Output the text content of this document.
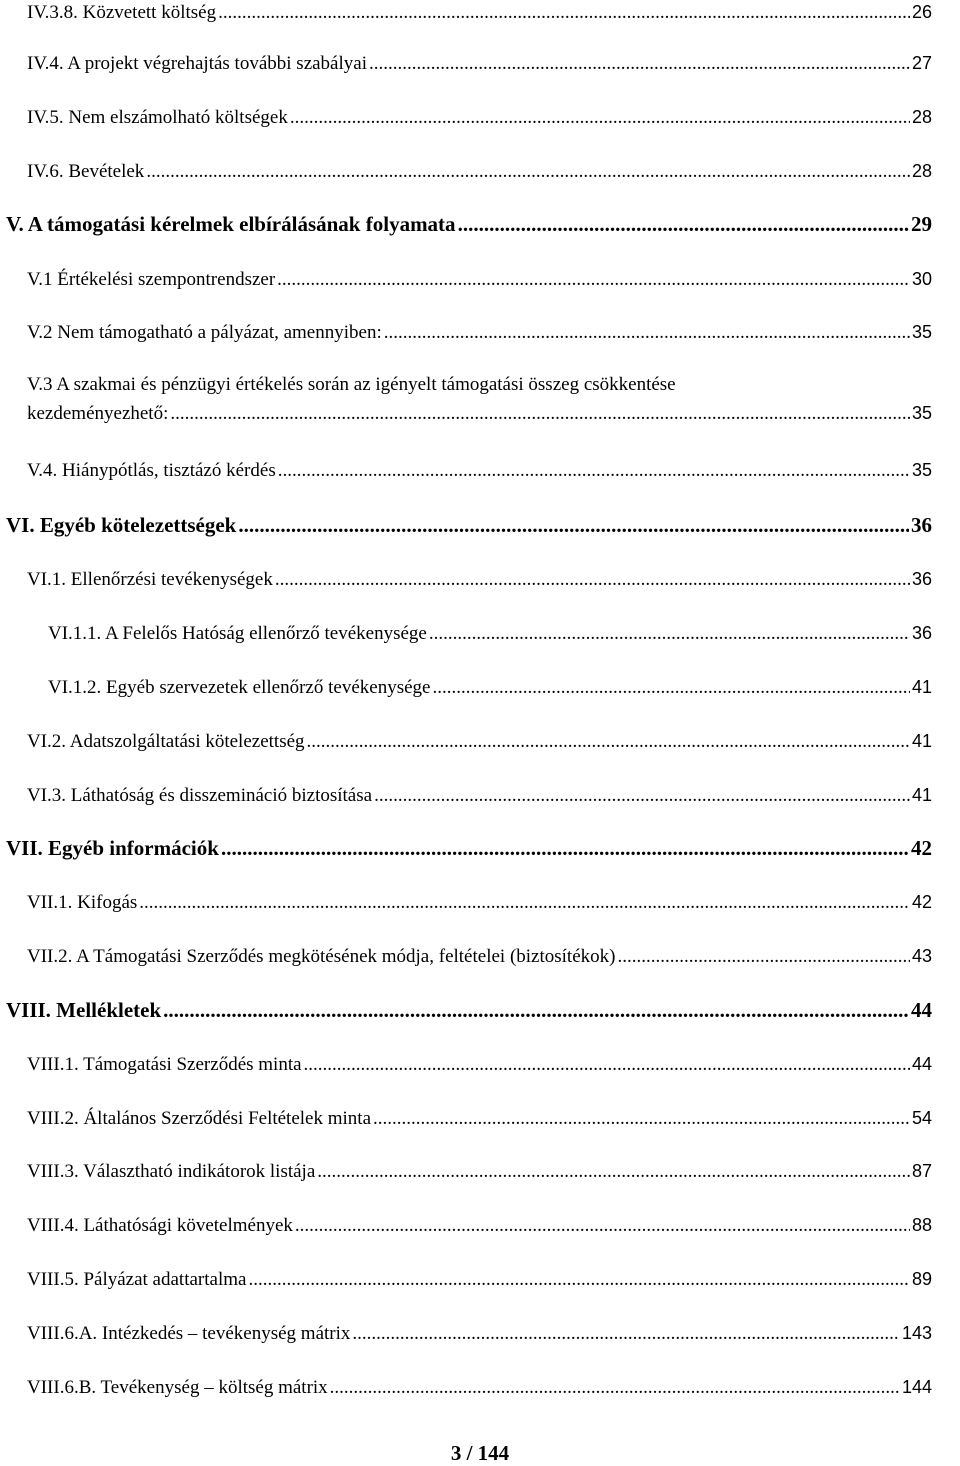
IV.3.8. Közvetett költség .....	26
IV.4. A projekt végrehajtás további szabályai .....	27
IV.5. Nem elszámolható költségek .....	28
IV.6. Bevételek .....	28
V. A támogatási kérelmek elbírálásának folyamata .....	29
V.1 Értékelési szempontrendszer .....	30
V.2 Nem támogatható a pályázat, amennyiben: .....	35
V.3 A szakmai és pénzügyi értékelés során az igényelt támogatási összeg csökkentése
kezdeményezhető: .....	35
V.4. Hiánypótlás, tisztázó kérdés .....	35
VI. Egyéb kötelezettségek .....	36
VI.1. Ellenőrzési tevékenységek .....	36
VI.1.1. A Felelős Hatóság ellenőrző tevékenysége .....	36
VI.1.2. Egyéb szervezetek ellenőrző tevékenysége .....	41
VI.2. Adatszolgáltatási kötelezettség .....	41
VI.3. Láthatóság és disszemináció biztosítása .....	41
VII. Egyéb információk .....	42
VII.1. Kifogás .....	42
VII.2. A Támogatási Szerződés megkötésének módja, feltételei (biztosítékok) .....	43
VIII. Mellékletek .....	44
VIII.1. Támogatási Szerződés minta .....	44
VIII.2. Általános Szerződési Feltételek minta .....	54
VIII.3. Választható indikátorok listája .....	87
VIII.4. Láthatósági követelmények .....	88
VIII.5. Pályázat adattartalma .....	89
VIII.6.A. Intézkedés – tevékenység mátrix .....	143
VIII.6.B. Tevékenység – költség mátrix .....	144
3 / 144
